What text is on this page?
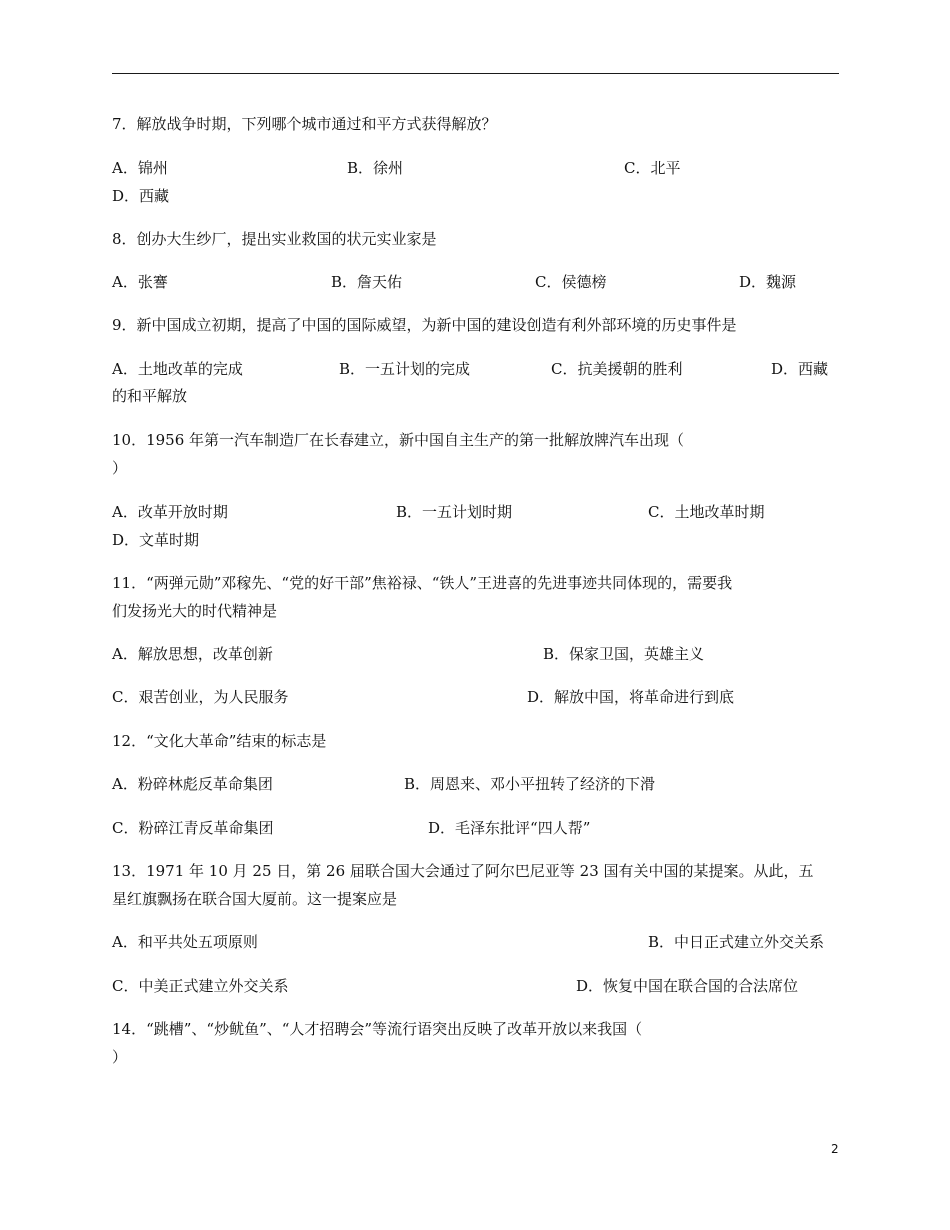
7．解放战争时期，下列哪个城市通过和平方式获得解放？
A．锦州	B．徐州	C．北平
D．西藏
8．创办大生纱厂，提出实业救国的状元实业家是
A．张謇	B．詹天佑	C．侯德榜	D．魏源
9．新中国成立初期，提高了中国的国际威望，为新中国的建设创造有利外部环境的历史事件是
A．土地改革的完成	B．一五计划的完成	C．抗美援朝的胜利	D．西藏
的和平解放
10．1956 年第一汽车制造厂在长春建立，新中国自主生产的第一批解放牌汽车出现（
）
A．改革开放时期	B．一五计划时期	C．土地改革时期
D．文革时期
11．“两弹元勋”邓稼先、“党的好干部”焦裕禄、“铁人”王进喜的先进事迹共同体现的，需要我
们发扬光大的时代精神是
A．解放思想，改革创新	B．保家卫国，英雄主义
C．艰苦创业，为人民服务	D．解放中国，将革命进行到底
12．“文化大革命”结束的标志是
A．粉碎林彪反革命集团	B．周恩来、邓小平扭转了经济的下滑
C．粉碎江青反革命集团	D．毛泽东批评“四人帮”
13．1971 年 10 月 25 日，第 26 届联合国大会通过了阿尔巴尼亚等 23 国有关中国的某提案。从此，五
星红旗飘扬在联合国大厦前。这一提案应是
A．和平共处五项原则	B．中日正式建立外交关系
C．中美正式建立外交关系	D．恢复中国在联合国的合法席位
14．“跳槽”、“炒鱿鱼”、“人才招聘会”等流行语突出反映了改革开放以来我国（
）
2
